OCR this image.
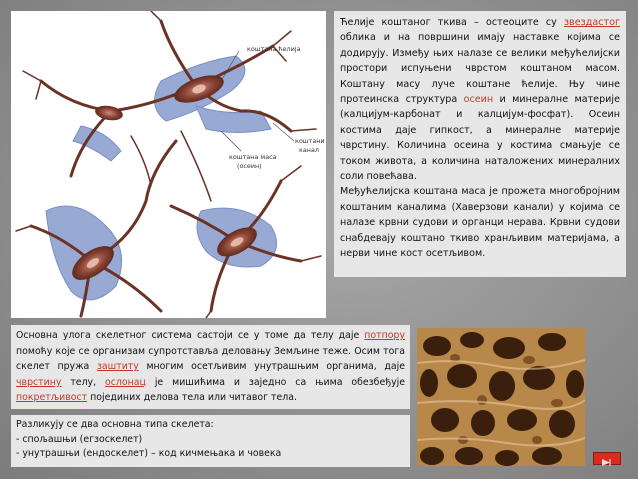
коштана ћелија
коштана маса
(осеин)
коштани
канал

Ћелије коштаног ткива – остеоците су звездастог облика и на површини имају наставке којима се додирују. Између њих налазе се велики међућелијски простори испуњени чврстом коштаном масом. Коштану масу луче коштане ћелије. Њу чине протеинска структура осеин и минералне материје (калцијум-карбонат и калцијум-фосфат). Осеин костима даје гипкост, а минералне материје чврстину. Количина осеина у костима смањује се током живота, а количина наталожених минералних соли повећава.

Међућелијска коштана маса је прожета многобројним коштаним каналима (Хаверзови канали) у којима се налазе крвни судови и органци нерава. Крвни судови снабдевају коштано ткиво хранљивим материјама, а нерви чине кост осетљивом.

Основна улога скелетног система састоји се у томе да телу даје потпору помоћу које се организам супротставља деловању Земљине теже. Осим тога скелет пружа заштиту многим осетљивим унутрашњим органима, даје чврстину телу, ослонац је мишићима и заједно са њима обезбеђује покретљивост појединих делова тела или читавог тела.
Разликују се два основна типа скелета:
- спољашњи (егзоскелет)
- унутрашњи (ендоскелет) – код кичмењака и човека
